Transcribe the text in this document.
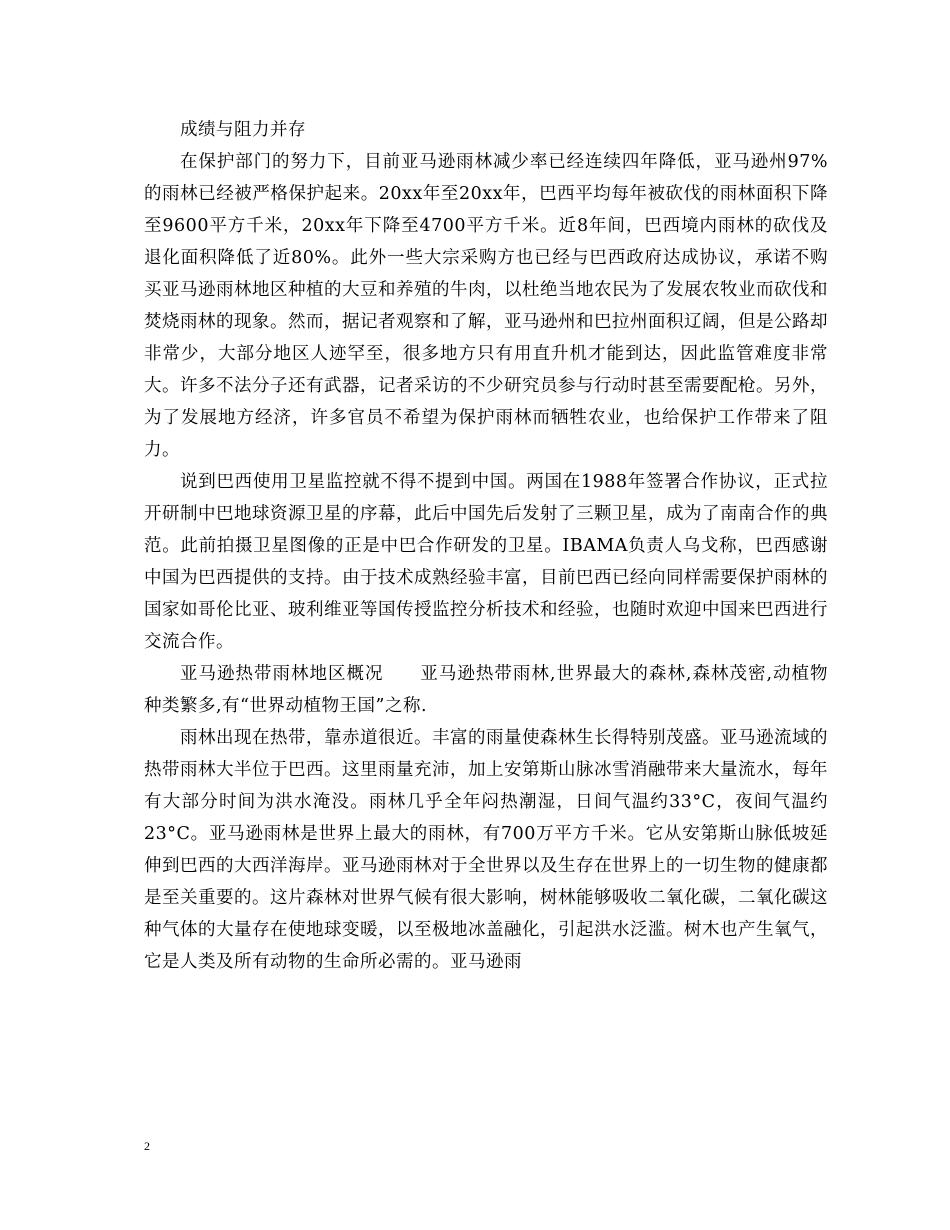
成绩与阻力并存

在保护部门的努力下，目前亚马逊雨林减少率已经连续四年降低，亚马逊州97%的雨林已经被严格保护起来。20xx年至20xx年，巴西平均每年被砍伐的雨林面积下降至9600平方千米，20xx年下降至4700平方千米。近8年间，巴西境内雨林的砍伐及退化面积降低了近80%。此外一些大宗采购方也已经与巴西政府达成协议，承诺不购买亚马逊雨林地区种植的大豆和养殖的牛肉，以杜绝当地农民为了发展农牧业而砍伐和焚烧雨林的现象。然而，据记者观察和了解，亚马逊州和巴拉州面积辽阔，但是公路却非常少，大部分地区人迹罕至，很多地方只有用直升机才能到达，因此监管难度非常大。许多不法分子还有武器，记者采访的不少研究员参与行动时甚至需要配枪。另外，为了发展地方经济，许多官员不希望为保护雨林而牺牲农业，也给保护工作带来了阻力。

说到巴西使用卫星监控就不得不提到中国。两国在1988年签署合作协议，正式拉开研制中巴地球资源卫星的序幕，此后中国先后发射了三颗卫星，成为了南南合作的典范。此前拍摄卫星图像的正是中巴合作研发的卫星。IBAMA负责人乌戈称，巴西感谢中国为巴西提供的支持。由于技术成熟经验丰富，目前巴西已经向同样需要保护雨林的国家如哥伦比亚、玻利维亚等国传授监控分析技术和经验，也随时欢迎中国来巴西进行交流合作。

亚马逊热带雨林地区概况　　亚马逊热带雨林,世界最大的森林,森林茂密,动植物种类繁多,有“世界动植物王国”之称.

雨林出现在热带，靠赤道很近。丰富的雨量使森林生长得特别茂盛。亚马逊流域的热带雨林大半位于巴西。这里雨量充沛，加上安第斯山脉冰雪消融带来大量流水，每年有大部分时间为洪水淹没。雨林几乎全年闷热潮湿，日间气温约33°C，夜间气温约23°C。亚马逊雨林是世界上最大的雨林，有700万平方千米。它从安第斯山脉低坡延伸到巴西的大西洋海岸。亚马逊雨林对于全世界以及生存在世界上的一切生物的健康都是至关重要的。这片森林对世界气候有很大影响，树林能够吸收二氧化碳，二氧化碳这种气体的大量存在使地球变暖，以至极地冰盖融化，引起洪水泛滥。树木也产生氧气，它是人类及所有动物的生命所必需的。亚马逊雨

2
